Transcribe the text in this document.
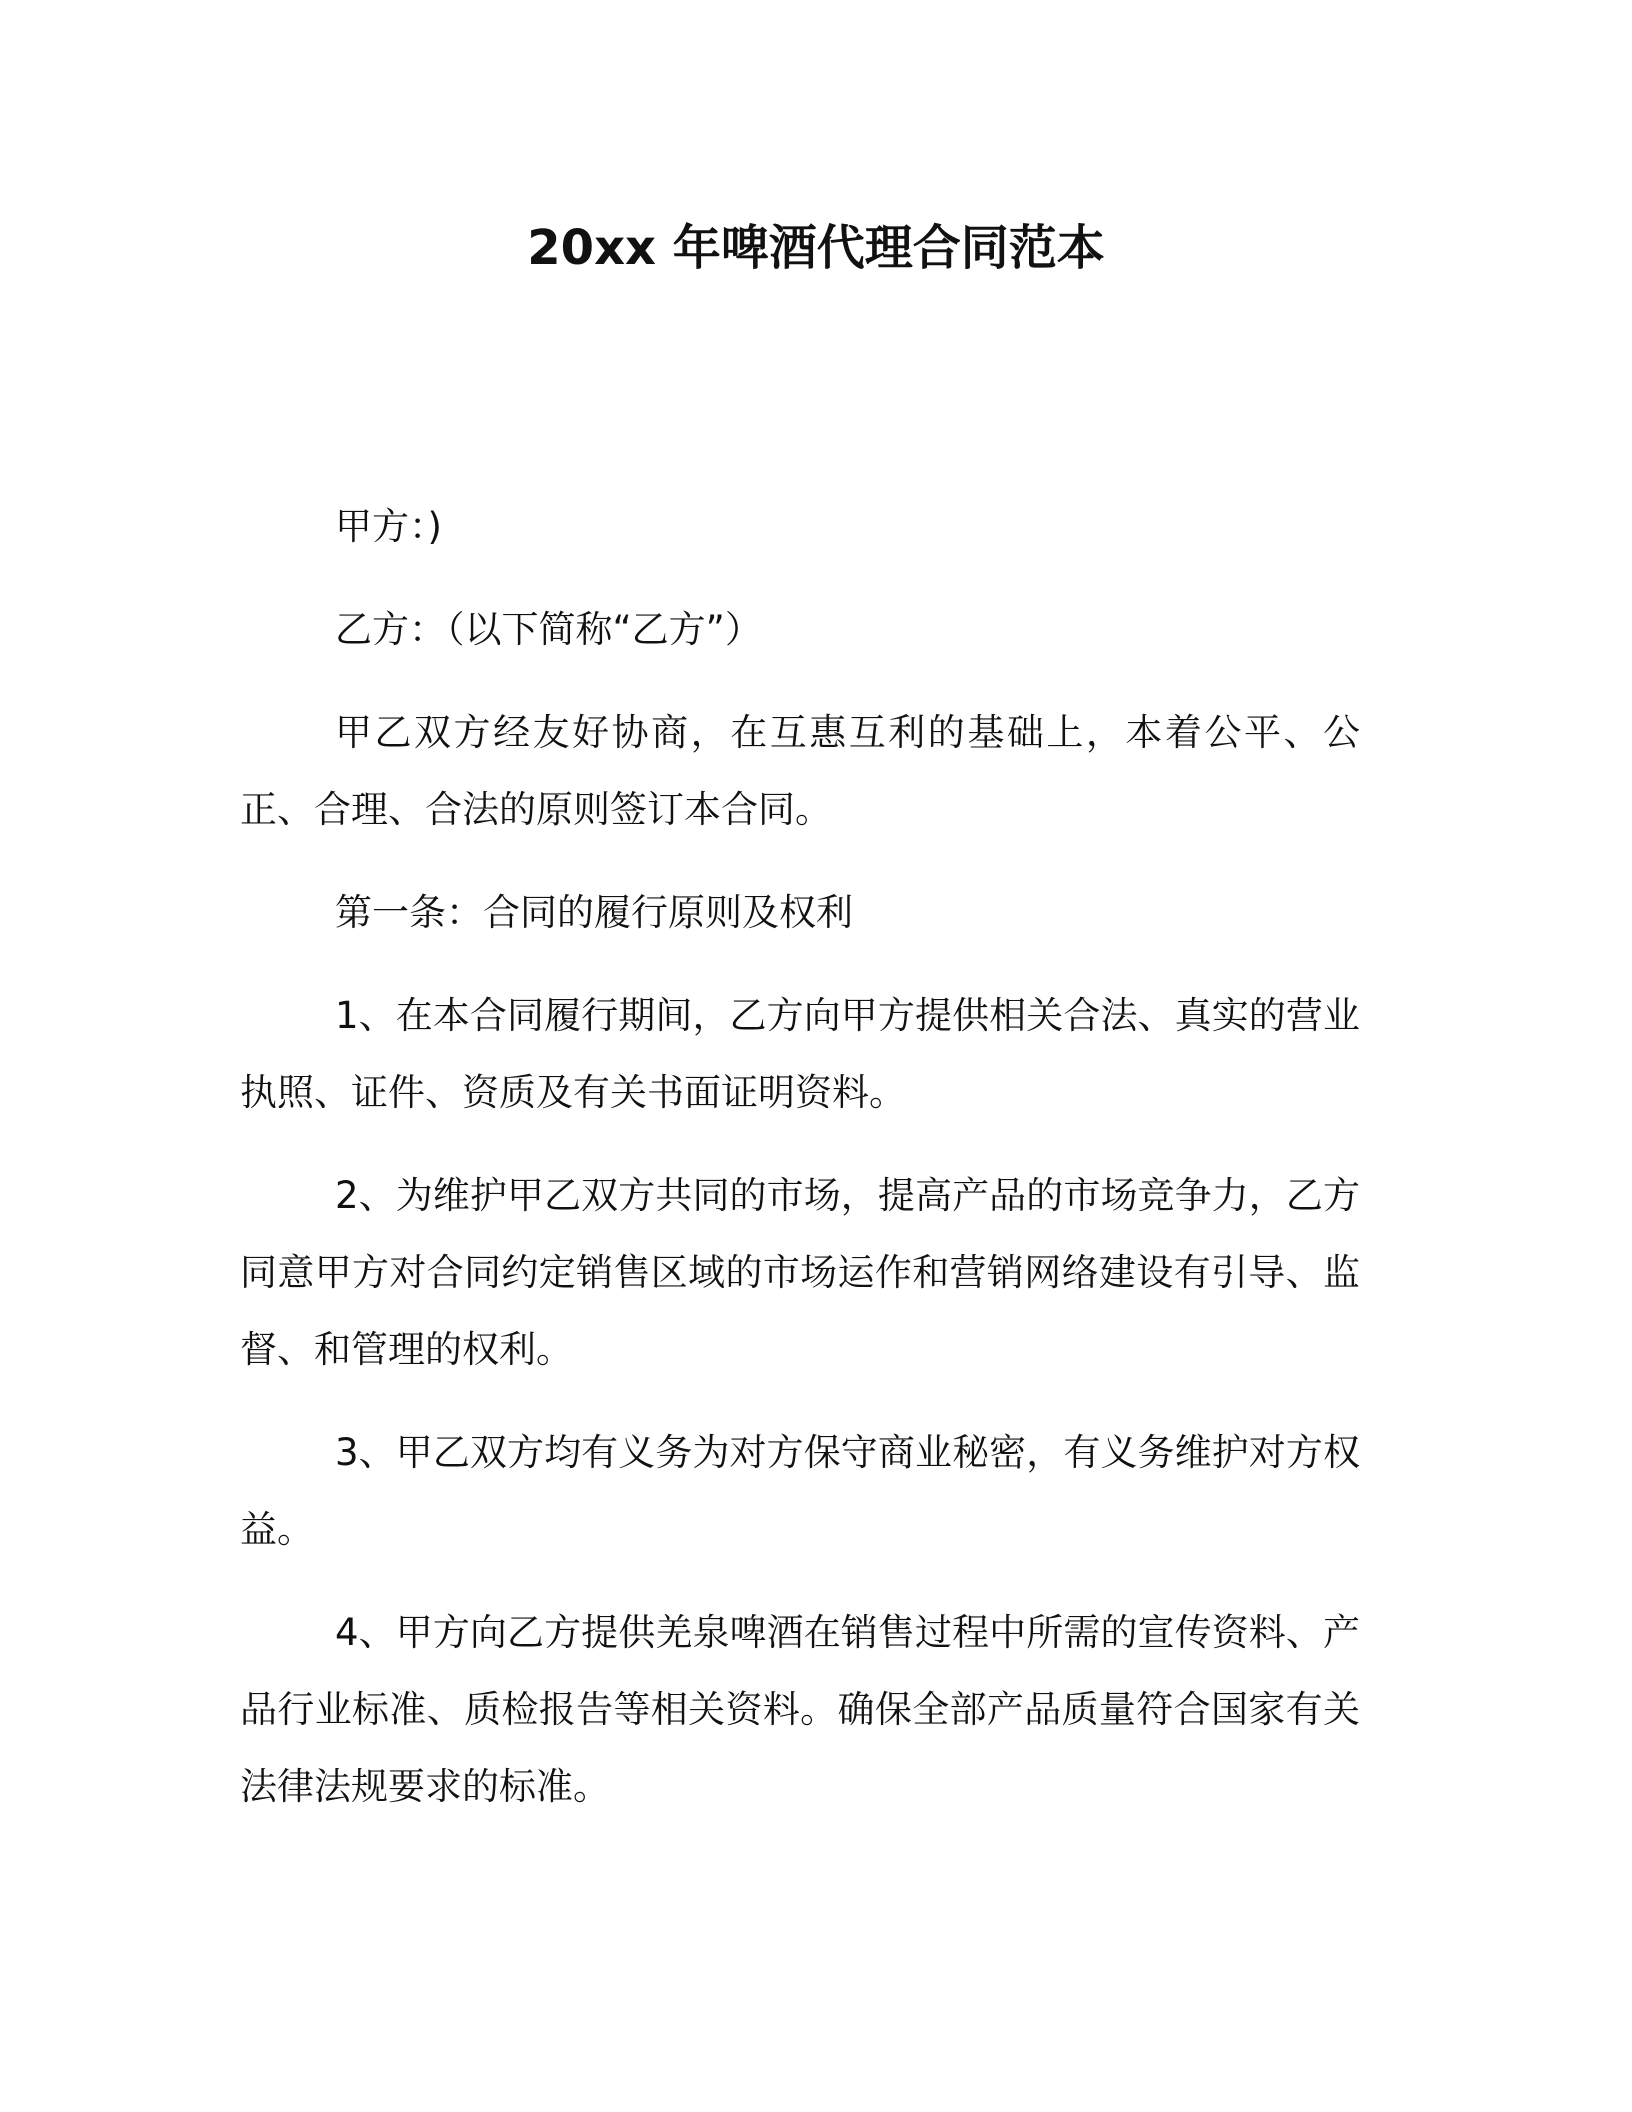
20xx 年啤酒代理合同范本

甲方：)

乙方：（以下简称“乙方”）

甲乙双方经友好协商，在互惠互利的基础上，本着公平、公正、合理、合法的原则签订本合同。

第一条：合同的履行原则及权利

1、在本合同履行期间，乙方向甲方提供相关合法、真实的营业执照、证件、资质及有关书面证明资料。

2、为维护甲乙双方共同的市场，提高产品的市场竞争力，乙方同意甲方对合同约定销售区域的市场运作和营销网络建设有引导、监督、和管理的权利。

3、甲乙双方均有义务为对方保守商业秘密，有义务维护对方权益。

4、甲方向乙方提供羌泉啤酒在销售过程中所需的宣传资料、产品行业标准、质检报告等相关资料。确保全部产品质量符合国家有关法律法规要求的标准。
